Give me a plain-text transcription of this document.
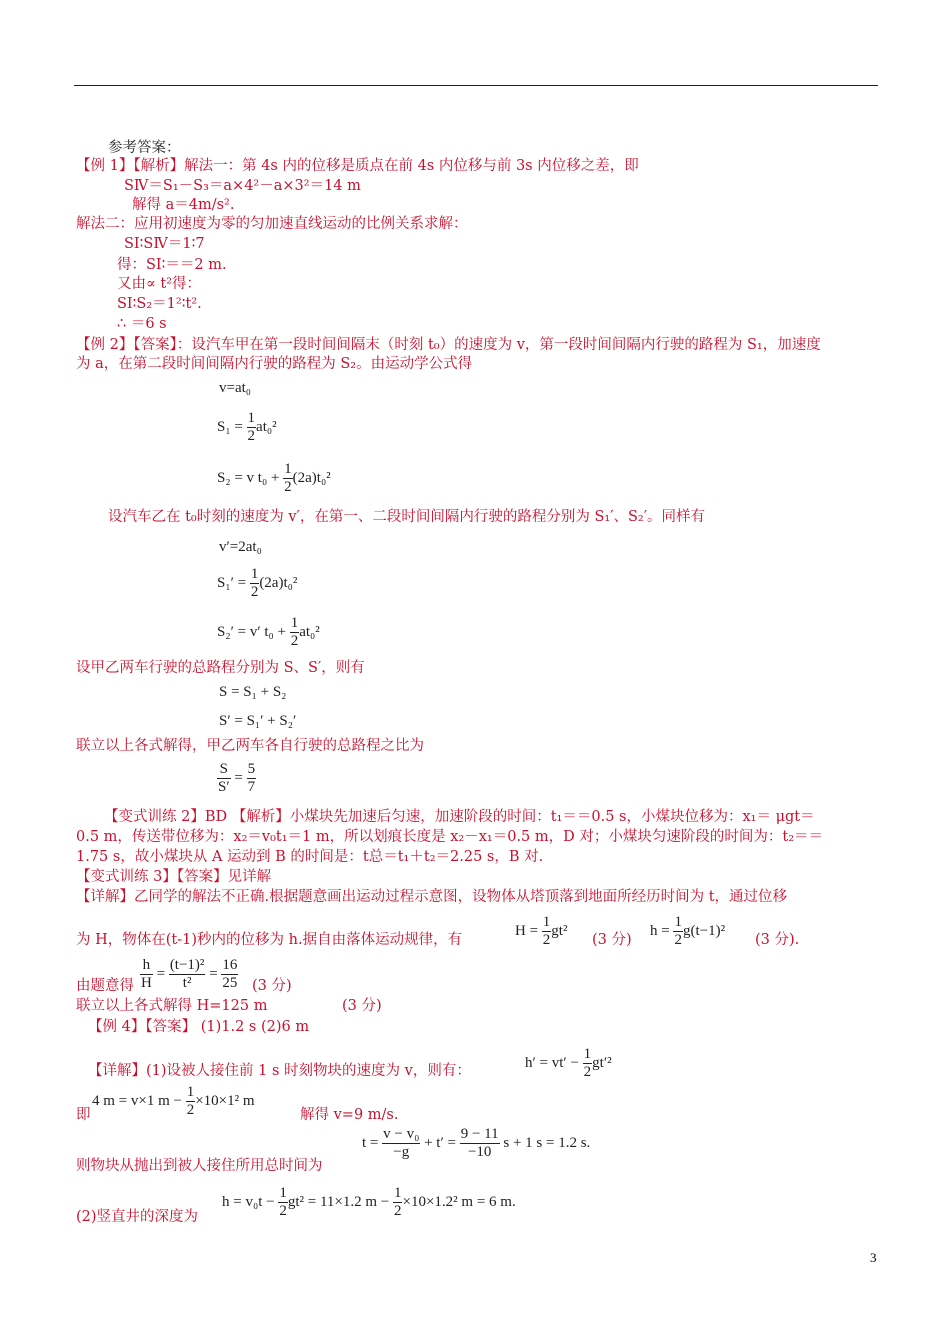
参考答案：
【例 1】【解析】解法一：第 4s 内的位移是质点在前 4s 内位移与前 3s 内位移之差，即
SⅣ＝S₁－S₃＝a×4²－a×3²＝14 m
解得 a＝4m/s².
解法二：应用初速度为零的匀加速直线运动的比例关系求解：
SⅠ∶SⅣ＝1∶7
得：SⅠ∶＝＝2 m.
又由∝ t²得：
SⅠ∶S₂＝1²∶t².
∴ ＝6 s
【例 2】【答案】：设汽车甲在第一段时间间隔末（时刻 t₀）的速度为 v，第一段时间间隔内行驶的路程为 S₁，加速度
为 a，在第二段时间间隔内行驶的路程为 S₂。由运动学公式得
v=at₀
$S_1 = \frac{1}{2} at_0^2$
S₂ = v $t_0 + \frac{1}{2} (2a)t_0^2$
设汽车乙在 t₀时刻的速度为 v′，在第一、二段时间间隔内行驶的路程分别为 S₁′、S₂′。同样有
v′=2at₀
$S_1' = \frac{1}{2} (2a)t_0^2$
S₂′ = v′ $t_0 + \frac{1}{2} at_0^2$
设甲乙两车行驶的总路程分别为 S、S′，则有
S = S₁ + S₂
S′ = S₁′ + S₂′
联立以上各式解得，甲乙两车各自行驶的总路程之比为
$\frac{S}{S'} = \frac{5}{7}$
【变式训练 2】BD 【解析】小煤块先加速后匀速，加速阶段的时间：t₁＝＝0.5 s，小煤块位移为：x₁＝ μgt＝
0.5 m，传送带位移为：x₂＝v₀t₁＝1 m，所以划痕长度是 x₂－x₁＝0.5 m，D 对；小煤块匀速阶段的时间为：t₂＝＝
1.75 s，故小煤块从 A 运动到 B 的时间是：t总＝t₁＋t₂＝2.25 s，B 对.
【变式训练 3】【答案】见详解
【详解】乙同学的解法不正确.根据题意画出运动过程示意图，设物体从塔顶落到地面所经历时间为 t，通过位移
为 H，物体在(t-1)秒内的位移为 h.据自由落体运动规律，有
$H = \frac{1}{2} gt^2$
(3 分)
$h = \frac{1}{2} g(t-1)^2$
(3 分).
由题意得 $\frac{h}{H} = \frac{\text{(t−1)²}}{\text{t²}} = \frac{16}{25} (3$ 分)
联立以上各式解得 H=125 m	(3 分)
【例 4】【答案】 (1)1.2 s (2)6 m
$h' = vt' - \frac{1}{2} gt'^2$
【详解】(1)设被人接住前 1 s 时刻物块的速度为 v，则有：
即
4 m = v×1 $m - \frac{1}{2} \times 10\times 1^2$ m
解得 v=9 m/s.
$t = \frac{\text{v − v₀}}{-g} + t' = \frac{9 - 11}{-10}$ s + 1 s = 1.2 s.
则物块从抛出到被人接住所用总时间为
$h = v_0t - \frac{1}{2} gt^2 = 11\times 1.2$ $m - \frac{1}{2} \times 10\times 1.2^2$ m = 6 m.
(2)竖直井的深度为
3
